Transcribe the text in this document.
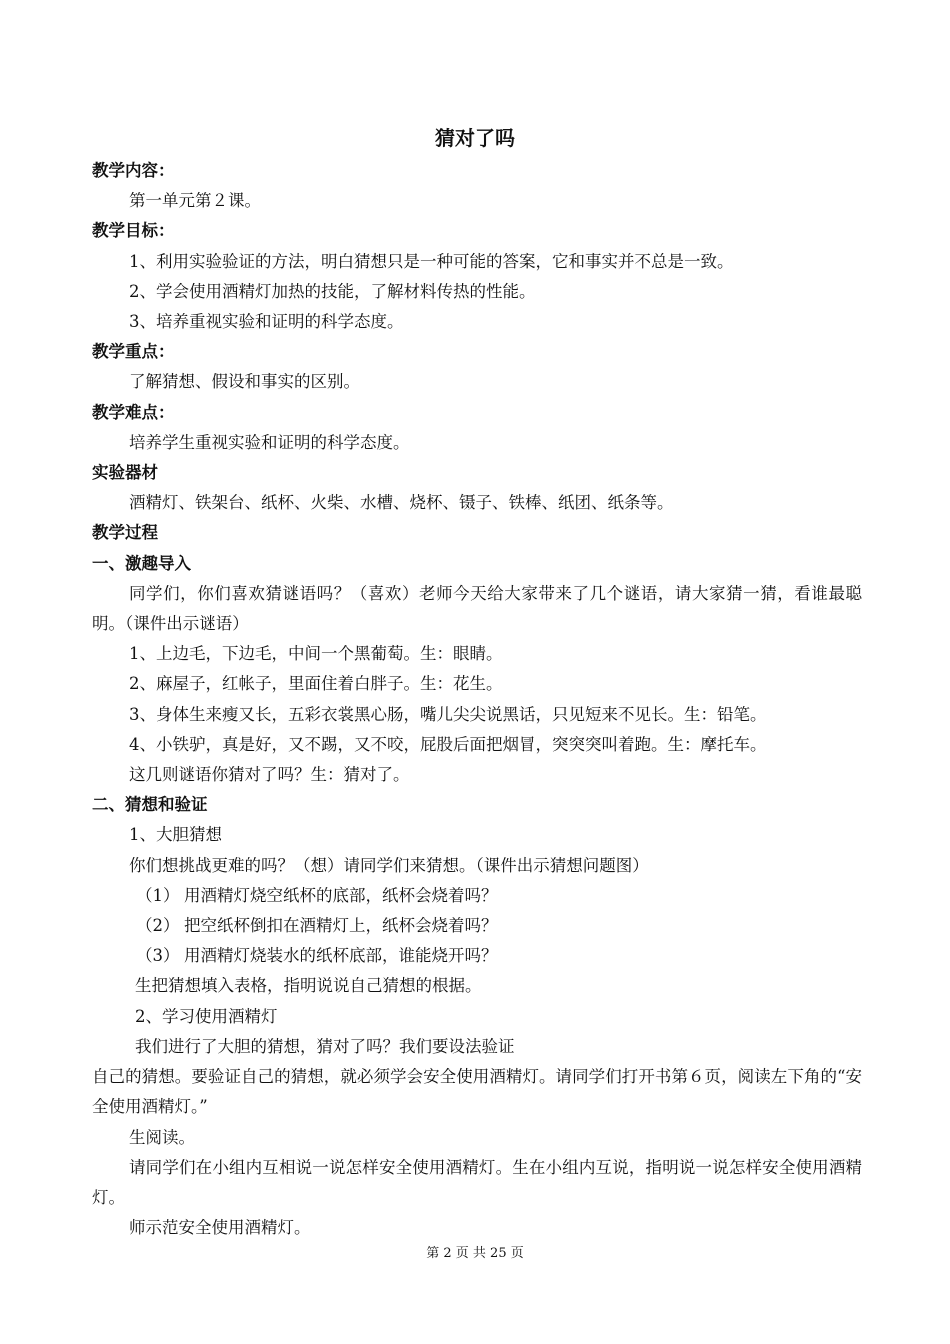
猜对了吗
教学内容：
第一单元第２课。
教学目标：
1、利用实验验证的方法，明白猜想只是一种可能的答案，它和事实并不总是一致。
2、学会使用酒精灯加热的技能，了解材料传热的性能。
3、培养重视实验和证明的科学态度。
教学重点：
了解猜想、假设和事实的区别。
教学难点：
培养学生重视实验和证明的科学态度。
实验器材
酒精灯、铁架台、纸杯、火柴、水槽、烧杯、镊子、铁棒、纸团、纸条等。
教学过程
一、激趣导入
同学们，你们喜欢猜谜语吗？（喜欢）老师今天给大家带来了几个谜语，请大家猜一猜，看谁最聪明。（课件出示谜语）
1、上边毛，下边毛，中间一个黑葡萄。生：眼睛。
2、麻屋子，红帐子，里面住着白胖子。生：花生。
3、身体生来瘦又长，五彩衣裳黑心肠，嘴儿尖尖说黑话，只见短来不见长。生：铅笔。
4、小铁驴，真是好，又不踢，又不咬，屁股后面把烟冒，突突突叫着跑。生：摩托车。
这几则谜语你猜对了吗？生：猜对了。
二、猜想和验证
1、大胆猜想
你们想挑战更难的吗？（想）请同学们来猜想。（课件出示猜想问题图）
（1） 用酒精灯烧空纸杯的底部，纸杯会烧着吗？
（2） 把空纸杯倒扣在酒精灯上，纸杯会烧着吗？
（3） 用酒精灯烧装水的纸杯底部，谁能烧开吗？
生把猜想填入表格，指明说说自己猜想的根据。
2、学习使用酒精灯
我们进行了大胆的猜想，猜对了吗？我们要设法验证
自己的猜想。要验证自己的猜想，就必须学会安全使用酒精灯。请同学们打开书第６页，阅读左下角的“安全使用酒精灯。”
生阅读。
请同学们在小组内互相说一说怎样安全使用酒精灯。生在小组内互说，指明说一说怎样安全使用酒精灯。
师示范安全使用酒精灯。
第 2 页 共 25 页
